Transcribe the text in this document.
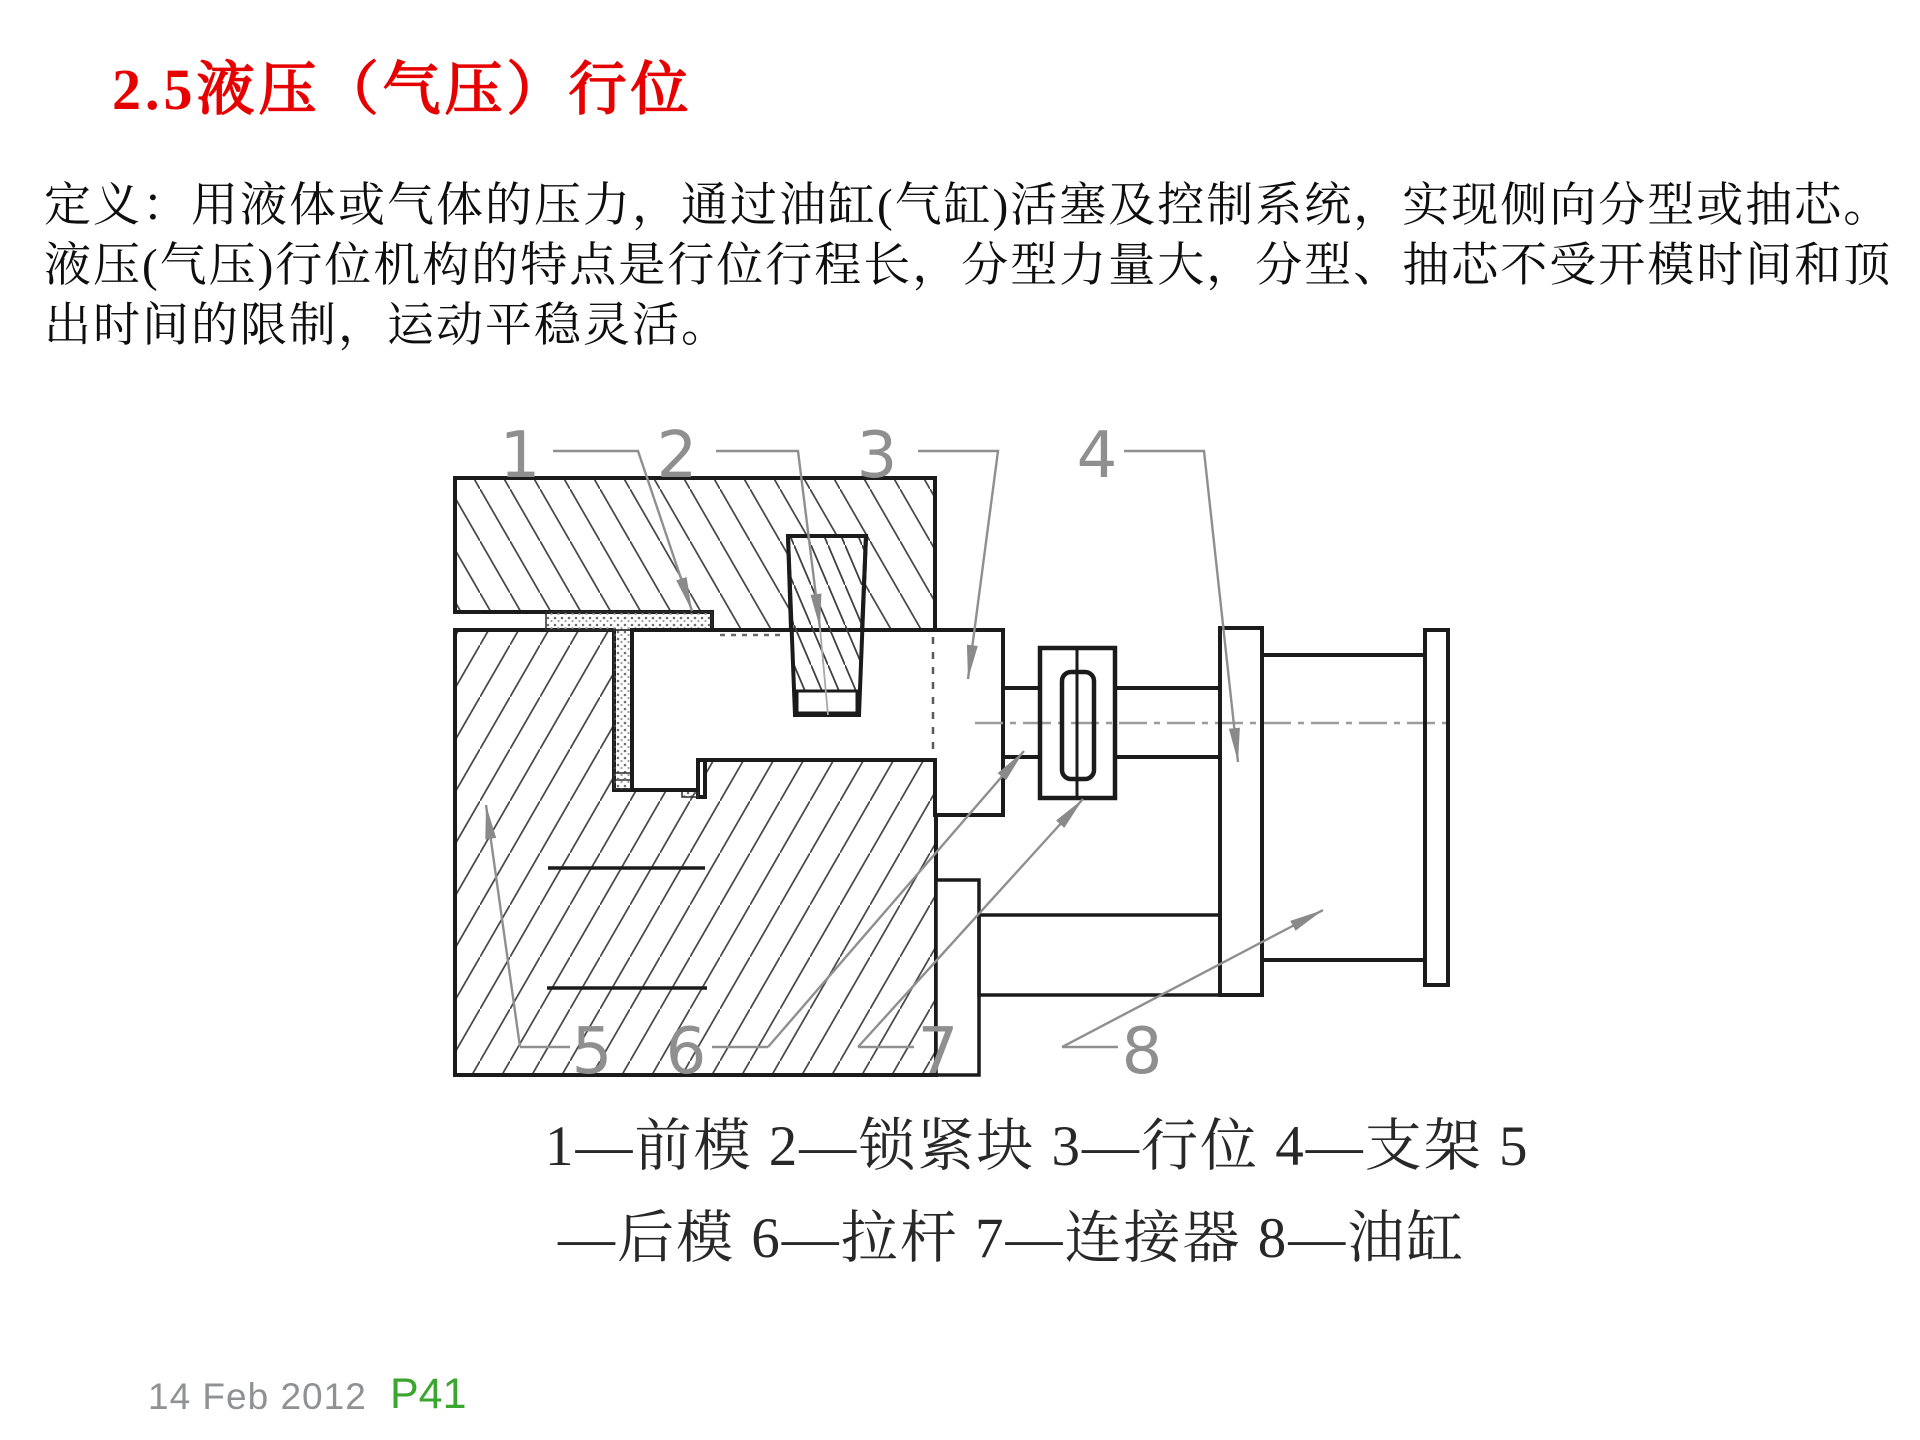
2.5液压（气压）行位
定义：用液体或气体的压力，通过油缸(气缸)活塞及控制系统，实现侧向分型或抽芯。
液压(气压)行位机构的特点是行位行程长，分型力量大，分型、抽芯不受开模时间和顶
出时间的限制，运动平稳灵活。
1 2 3	4
5 6	7	8
1—前模 2—锁紧块 3—行位 4—支架 5
—后模 6—拉杆 7—连接器 8—油缸
14 Feb 2012 P41
